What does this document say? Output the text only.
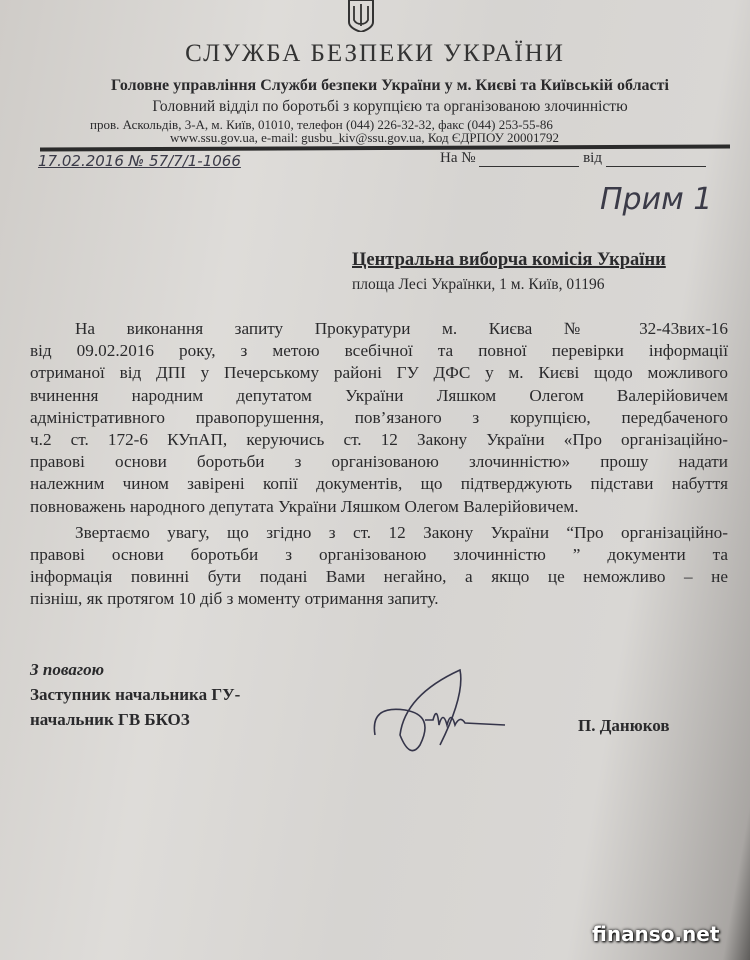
СЛУЖБА БЕЗПЕКИ УКРАЇНИ
Головне управління Служби безпеки України у м. Києві та Київській області
Головний відділ по боротьбі з корупцією та організованою злочинністю
пров. Аскольдів, 3-А, м. Київ, 01010, телефон (044) 226-32-32, факс (044) 253-55-86
www.ssu.gov.ua, e-mail: gusbu_kiv@ssu.gov.ua, Код ЄДРПОУ 20001792
17.02.2016 № 57/7/1-1066	На №	від
Прим 1
Центральна виборча комісія України
площа Лесі Українки, 1 м. Київ, 01196
На виконання запиту Прокуратури м. Києва № 32-43вих-16
від 09.02.2016 року, з метою всебічної та повної перевірки інформації
отриманої від ДПІ у Печерському районі ГУ ДФС у м. Києві щодо можливого
вчинення народним депутатом України Ляшком Олегом Валерійовичем
адміністративного правопорушення, пов’язаного з корупцією, передбаченого
ч.2 ст. 172-6 КУпАП, керуючись ст. 12 Закону України «Про організаційно-
правові основи боротьби з організованою злочинністю» прошу надати
належним чином завірені копії документів, що підтверджують підстави набуття
повноважень народного депутата України Ляшком Олегом Валерійовичем.
Звертаємо увагу, що згідно з ст. 12 Закону України “Про організаційно-
правові основи боротьби з організованою злочинністю ” документи та
інформація повинні бути подані Вами негайно, а якщо це неможливо – не
пізніш, як протягом 10 діб з моменту отримання запиту.
З повагою
Заступник начальника ГУ-
начальник ГВ БКОЗ	П. Данюков
finanso.net
